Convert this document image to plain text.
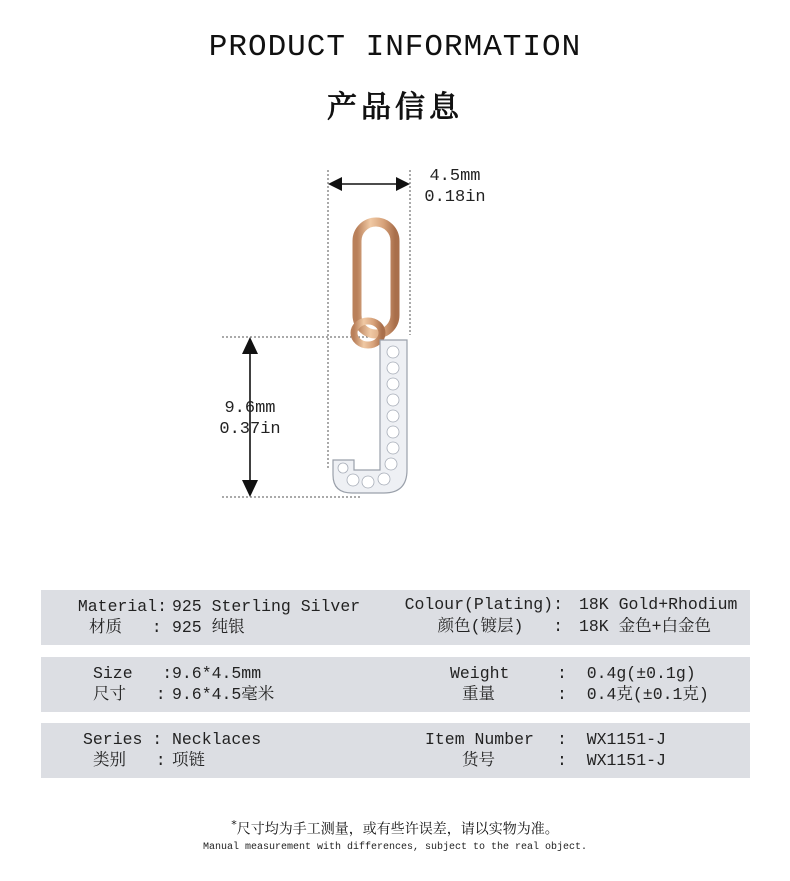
PRODUCT INFORMATION
产品信息
4.5mm
0.18in
9.6mm
0.37in
Material: 925 Sterling Silver
材质   : 925 纯银
Colour(Plating): 18K Gold+Rhodium
颜色(镀层)   : 18K 金色+白金色
Size   : 9.6*4.5mm
尺寸   : 9.6*4.5毫米
Weight	:  0.4g(±0.1g)
重量	:  0.4克(±0.1克)
Series : Necklaces
类别   : 项链
Item Number :  WX1151-J
货号	:  WX1151-J
*尺寸均为手工测量，或有些许误差，请以实物为准。
Manual measurement with differences, subject to the real object.
